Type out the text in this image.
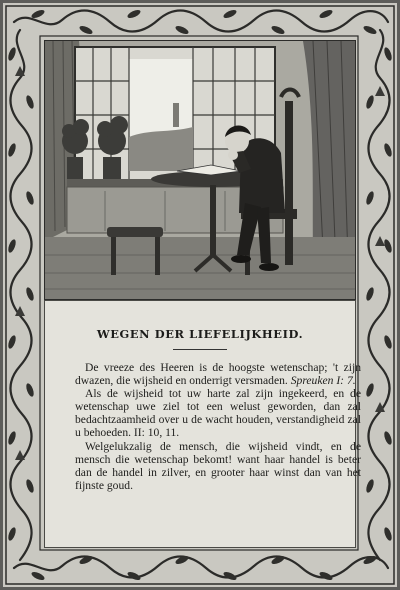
WEGEN DER LIEFELIJKHEID.

De vreeze des Heeren is de hoogste wetenschap; 't zijn dwazen, die wijsheid en onderrigt versmaden. Spreuken I: 7.

Als de wijsheid tot uw harte zal zijn ingekeerd, en de wetenschap uwe ziel tot een welust geworden, dan zal bedachtzaamheid over u de wacht houden, verstandigheid zal u behoeden. II: 10, 11.

Welgelukzalig de mensch, die wijsheid vindt, en de mensch die wetenschap bekomt! want haar handel is beter dan de handel in zilver, en grooter haar winst dan van het fijnste goud.
